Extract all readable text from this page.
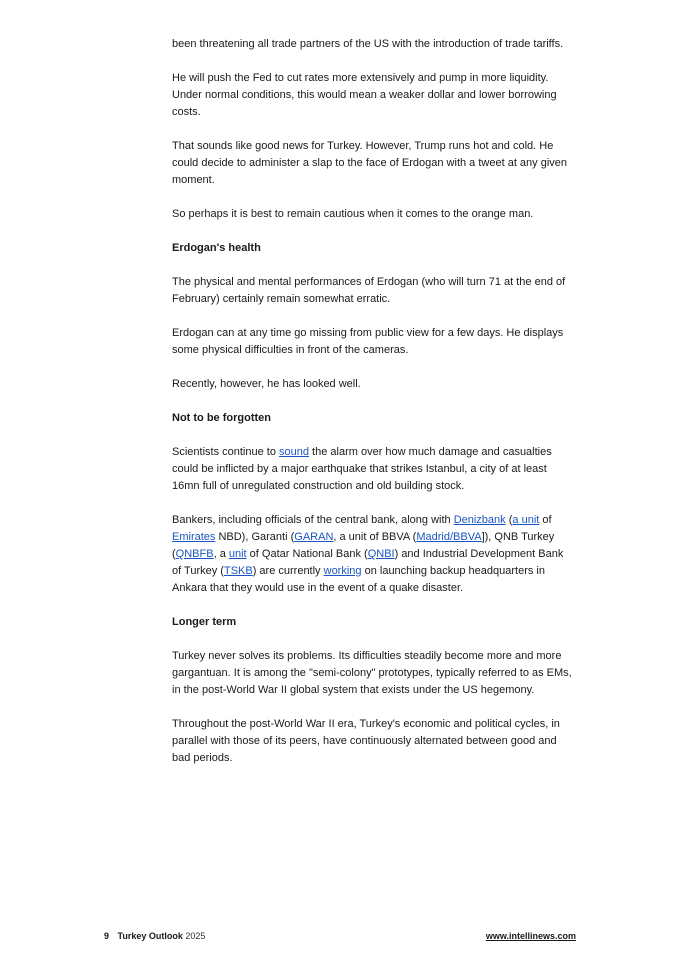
been threatening all trade partners of the US with the introduction of trade tariffs.

He will push the Fed to cut rates more extensively and pump in more liquidity. Under normal conditions, this would mean a weaker dollar and lower borrowing costs.

That sounds like good news for Turkey. However, Trump runs hot and cold. He could decide to administer a slap to the face of Erdogan with a tweet at any given moment.

So perhaps it is best to remain cautious when it comes to the orange man.

Erdogan's health

The physical and mental performances of Erdogan (who will turn 71 at the end of February) certainly remain somewhat erratic.

Erdogan can at any time go missing from public view for a few days. He displays some physical difficulties in front of the cameras.

Recently, however, he has looked well.

Not to be forgotten

Scientists continue to sound the alarm over how much damage and casualties could be inflicted by a major earthquake that strikes Istanbul, a city of at least 16mn full of unregulated construction and old building stock.

Bankers, including officials of the central bank, along with Denizbank (a unit of Emirates NBD), Garanti (GARAN, a unit of BBVA (Madrid/BBVA]), QNB Turkey (QNBFB, a unit of Qatar National Bank (QNBI) and Industrial Development Bank of Turkey (TSKB) are currently working on launching backup headquarters in Ankara that they would use in the event of a quake disaster.

Longer term

Turkey never solves its problems. Its difficulties steadily become more and more gargantuan. It is among the "semi-colony" prototypes, typically referred to as EMs, in the post-World War II global system that exists under the US hegemony.

Throughout the post-World War II era, Turkey's economic and political cycles, in parallel with those of its peers, have continuously alternated between good and bad periods.

9 Turkey Outlook 2025	www.intellinews.com
